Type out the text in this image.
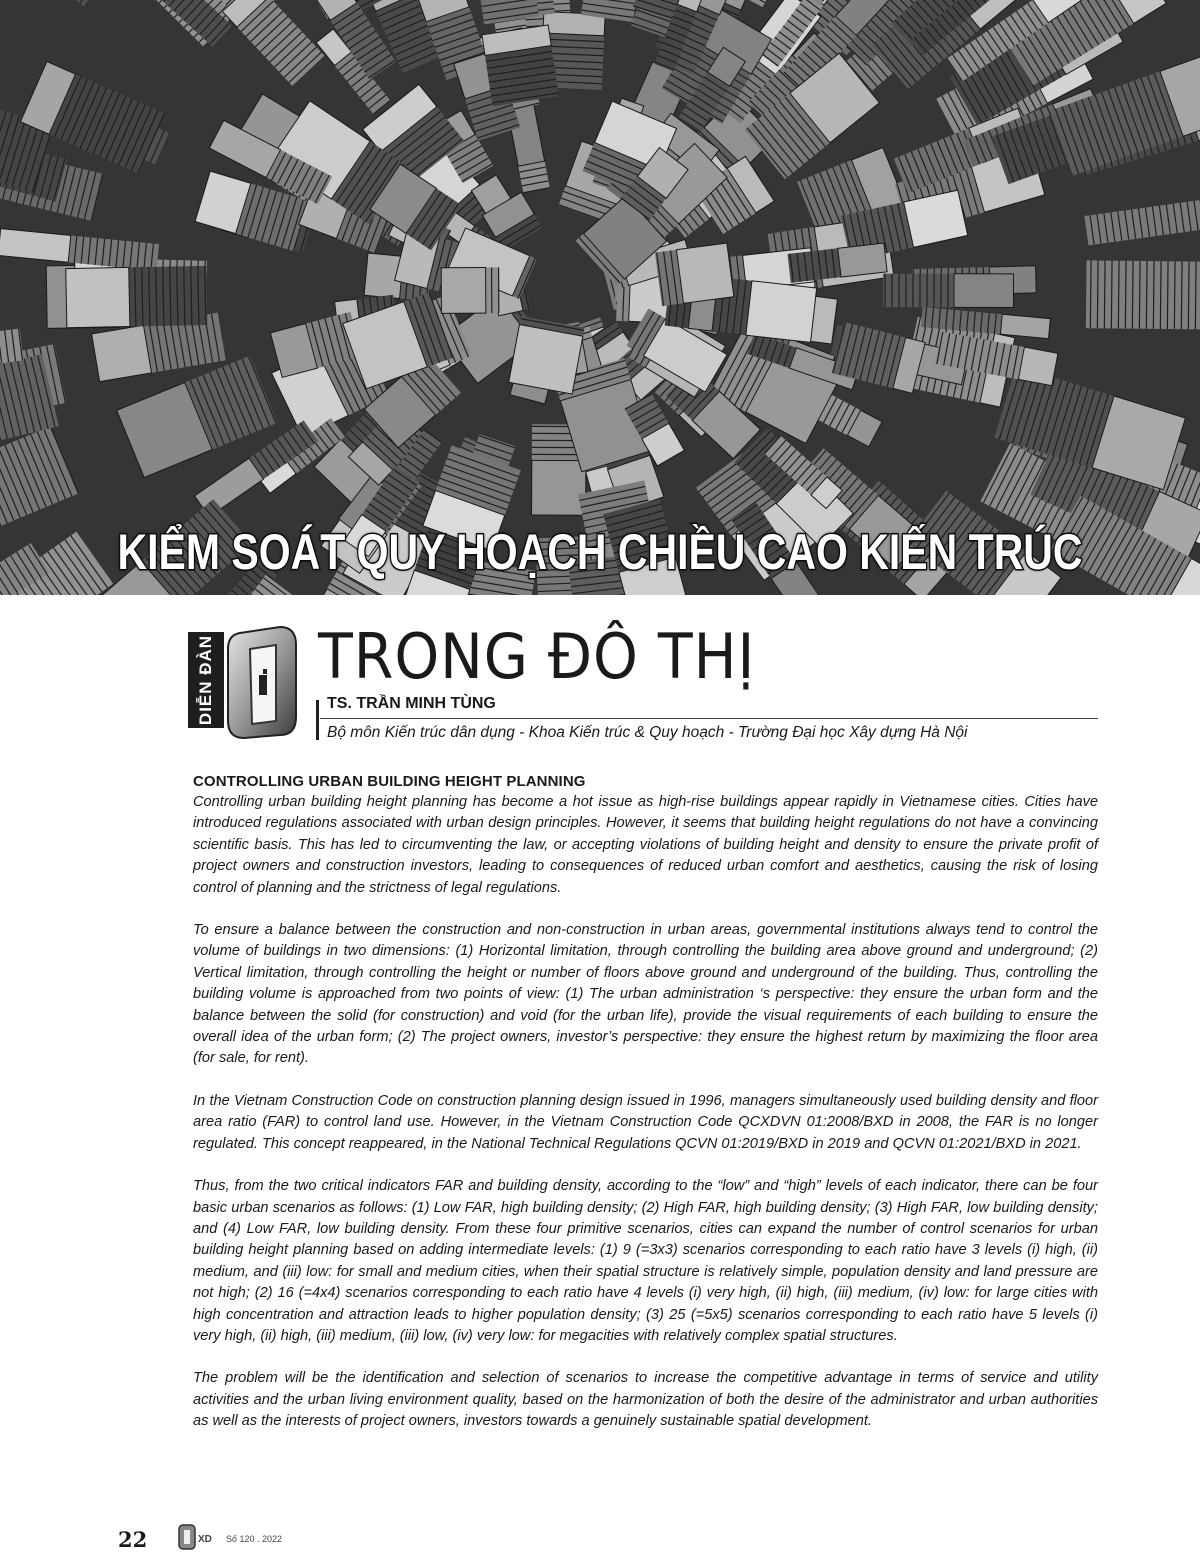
KIỂM SOÁT QUY HOẠCH CHIỀU CAO KIẾN TRÚC
DIỄN ĐÀN TRONG ĐÔ THỊ
TS. TRẦN MINH TÙNG
Bộ môn Kiến trúc dân dụng - Khoa Kiến trúc & Quy hoạch - Trường Đại học Xây dựng Hà Nội
CONTROLLING URBAN BUILDING HEIGHT PLANNING

Controlling urban building height planning has become a hot issue as high-rise buildings appear rapidly in Vietnamese cities. Cities have introduced regulations associated with urban design principles. However, it seems that building height regulations do not have a convincing scientific basis. This has led to circumventing the law, or accepting violations of building height and density to ensure the private profit of project owners and construction investors, leading to consequences of reduced urban comfort and aesthetics, causing the risk of losing control of planning and the strictness of legal regulations.

To ensure a balance between the construction and non-construction in urban areas, governmental institutions always tend to control the volume of buildings in two dimensions: (1) Horizontal limitation, through controlling the building area above ground and underground; (2) Vertical limitation, through controlling the height or number of floors above ground and underground of the building. Thus, controlling the building volume is approached from two points of view: (1) The urban administration ‘s perspective: they ensure the urban form and the balance between the solid (for construction) and void (for the urban life), provide the visual requirements of each building to ensure the overall idea of the urban form; (2) The project owners, investor’s perspective: they ensure the highest return by maximizing the floor area (for sale, for rent).

In the Vietnam Construction Code on construction planning design issued in 1996, managers simultaneously used building density and floor area ratio (FAR) to control land use. However, in the Vietnam Construction Code QCXDVN 01:2008/BXD in 2008, the FAR is no longer regulated. This concept reappeared, in the National Technical Regulations QCVN 01:2019/BXD in 2019 and QCVN 01:2021/BXD in 2021.

Thus, from the two critical indicators FAR and building density, according to the “low” and “high” levels of each indicator, there can be four basic urban scenarios as follows: (1) Low FAR, high building density; (2) High FAR, high building density; (3) High FAR, low building density; and (4) Low FAR, low building density. From these four primitive scenarios, cities can expand the number of control scenarios for urban building height planning based on adding intermediate levels: (1) 9 (=3x3) scenarios corresponding to each ratio have 3 levels (i) high, (ii) medium, and (iii) low: for small and medium cities, when their spatial structure is relatively simple, population density and land pressure are not high; (2) 16 (=4x4) scenarios corresponding to each ratio have 4 levels (i) very high, (ii) high, (iii) medium, (iv) low: for large cities with high concentration and attraction leads to higher population density; (3) 25 (=5x5) scenarios corresponding to each ratio have 5 levels (i) very high, (ii) high, (iii) medium, (iii) low, (iv) very low: for megacities with relatively complex spatial structures.

The problem will be the identification and selection of scenarios to increase the competitive advantage in terms of service and utility activities and the urban living environment quality, based on the harmonization of both the desire of the administrator and urban authorities as well as the interests of project owners, investors towards a genuinely sustainable spatial development.

22	XD Số 120 . 2022
